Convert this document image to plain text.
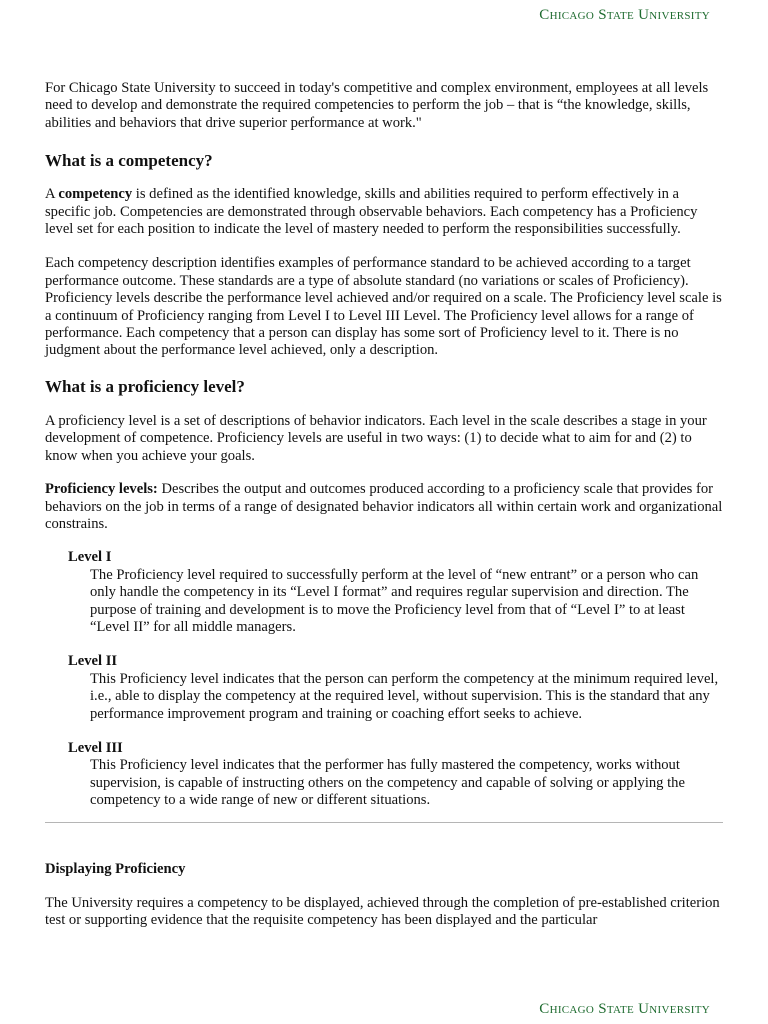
Chicago State University

For Chicago State University to succeed in today's competitive and complex environment, employees at all levels need to develop and demonstrate the required competencies to perform the job – that is “the knowledge, skills, abilities and behaviors that drive superior performance at work."

What is a competency?

A competency is defined as the identified knowledge, skills and abilities required to perform effectively in a specific job. Competencies are demonstrated through observable behaviors. Each competency has a Proficiency level set for each position to indicate the level of mastery needed to perform the responsibilities successfully.

Each competency description identifies examples of performance standard to be achieved according to a target performance outcome. These standards are a type of absolute standard (no variations or scales of Proficiency). Proficiency levels describe the performance level achieved and/or required on a scale. The Proficiency level scale is a continuum of Proficiency ranging from Level I to Level III Level. The Proficiency level allows for a range of performance. Each competency that a person can display has some sort of Proficiency level to it. There is no judgment about the performance level achieved, only a description.

What is a proficiency level?

A proficiency level is a set of descriptions of behavior indicators. Each level in the scale describes a stage in your development of competence. Proficiency levels are useful in two ways: (1) to decide what to aim for and (2) to know when you achieve your goals.

Proficiency levels: Describes the output and outcomes produced according to a proficiency scale that provides for behaviors on the job in terms of a range of designated behavior indicators all within certain work and organizational constrains.

Level I

The Proficiency level required to successfully perform at the level of “new entrant” or a person who can only handle the competency in its “Level I format” and requires regular supervision and direction. The purpose of training and development is to move the Proficiency level from that of “Level I” to at least “Level II” for all middle managers.

Level II

This Proficiency level indicates that the person can perform the competency at the minimum required level, i.e., able to display the competency at the required level, without supervision. This is the standard that any performance improvement program and training or coaching effort seeks to achieve.

Level III

This Proficiency level indicates that the performer has fully mastered the competency, works without supervision, is capable of instructing others on the competency and capable of solving or applying the competency to a wide range of new or different situations.

Displaying Proficiency

The University requires a competency to be displayed, achieved through the completion of pre-established criterion test or supporting evidence that the requisite competency has been displayed and the particular

Chicago State University
